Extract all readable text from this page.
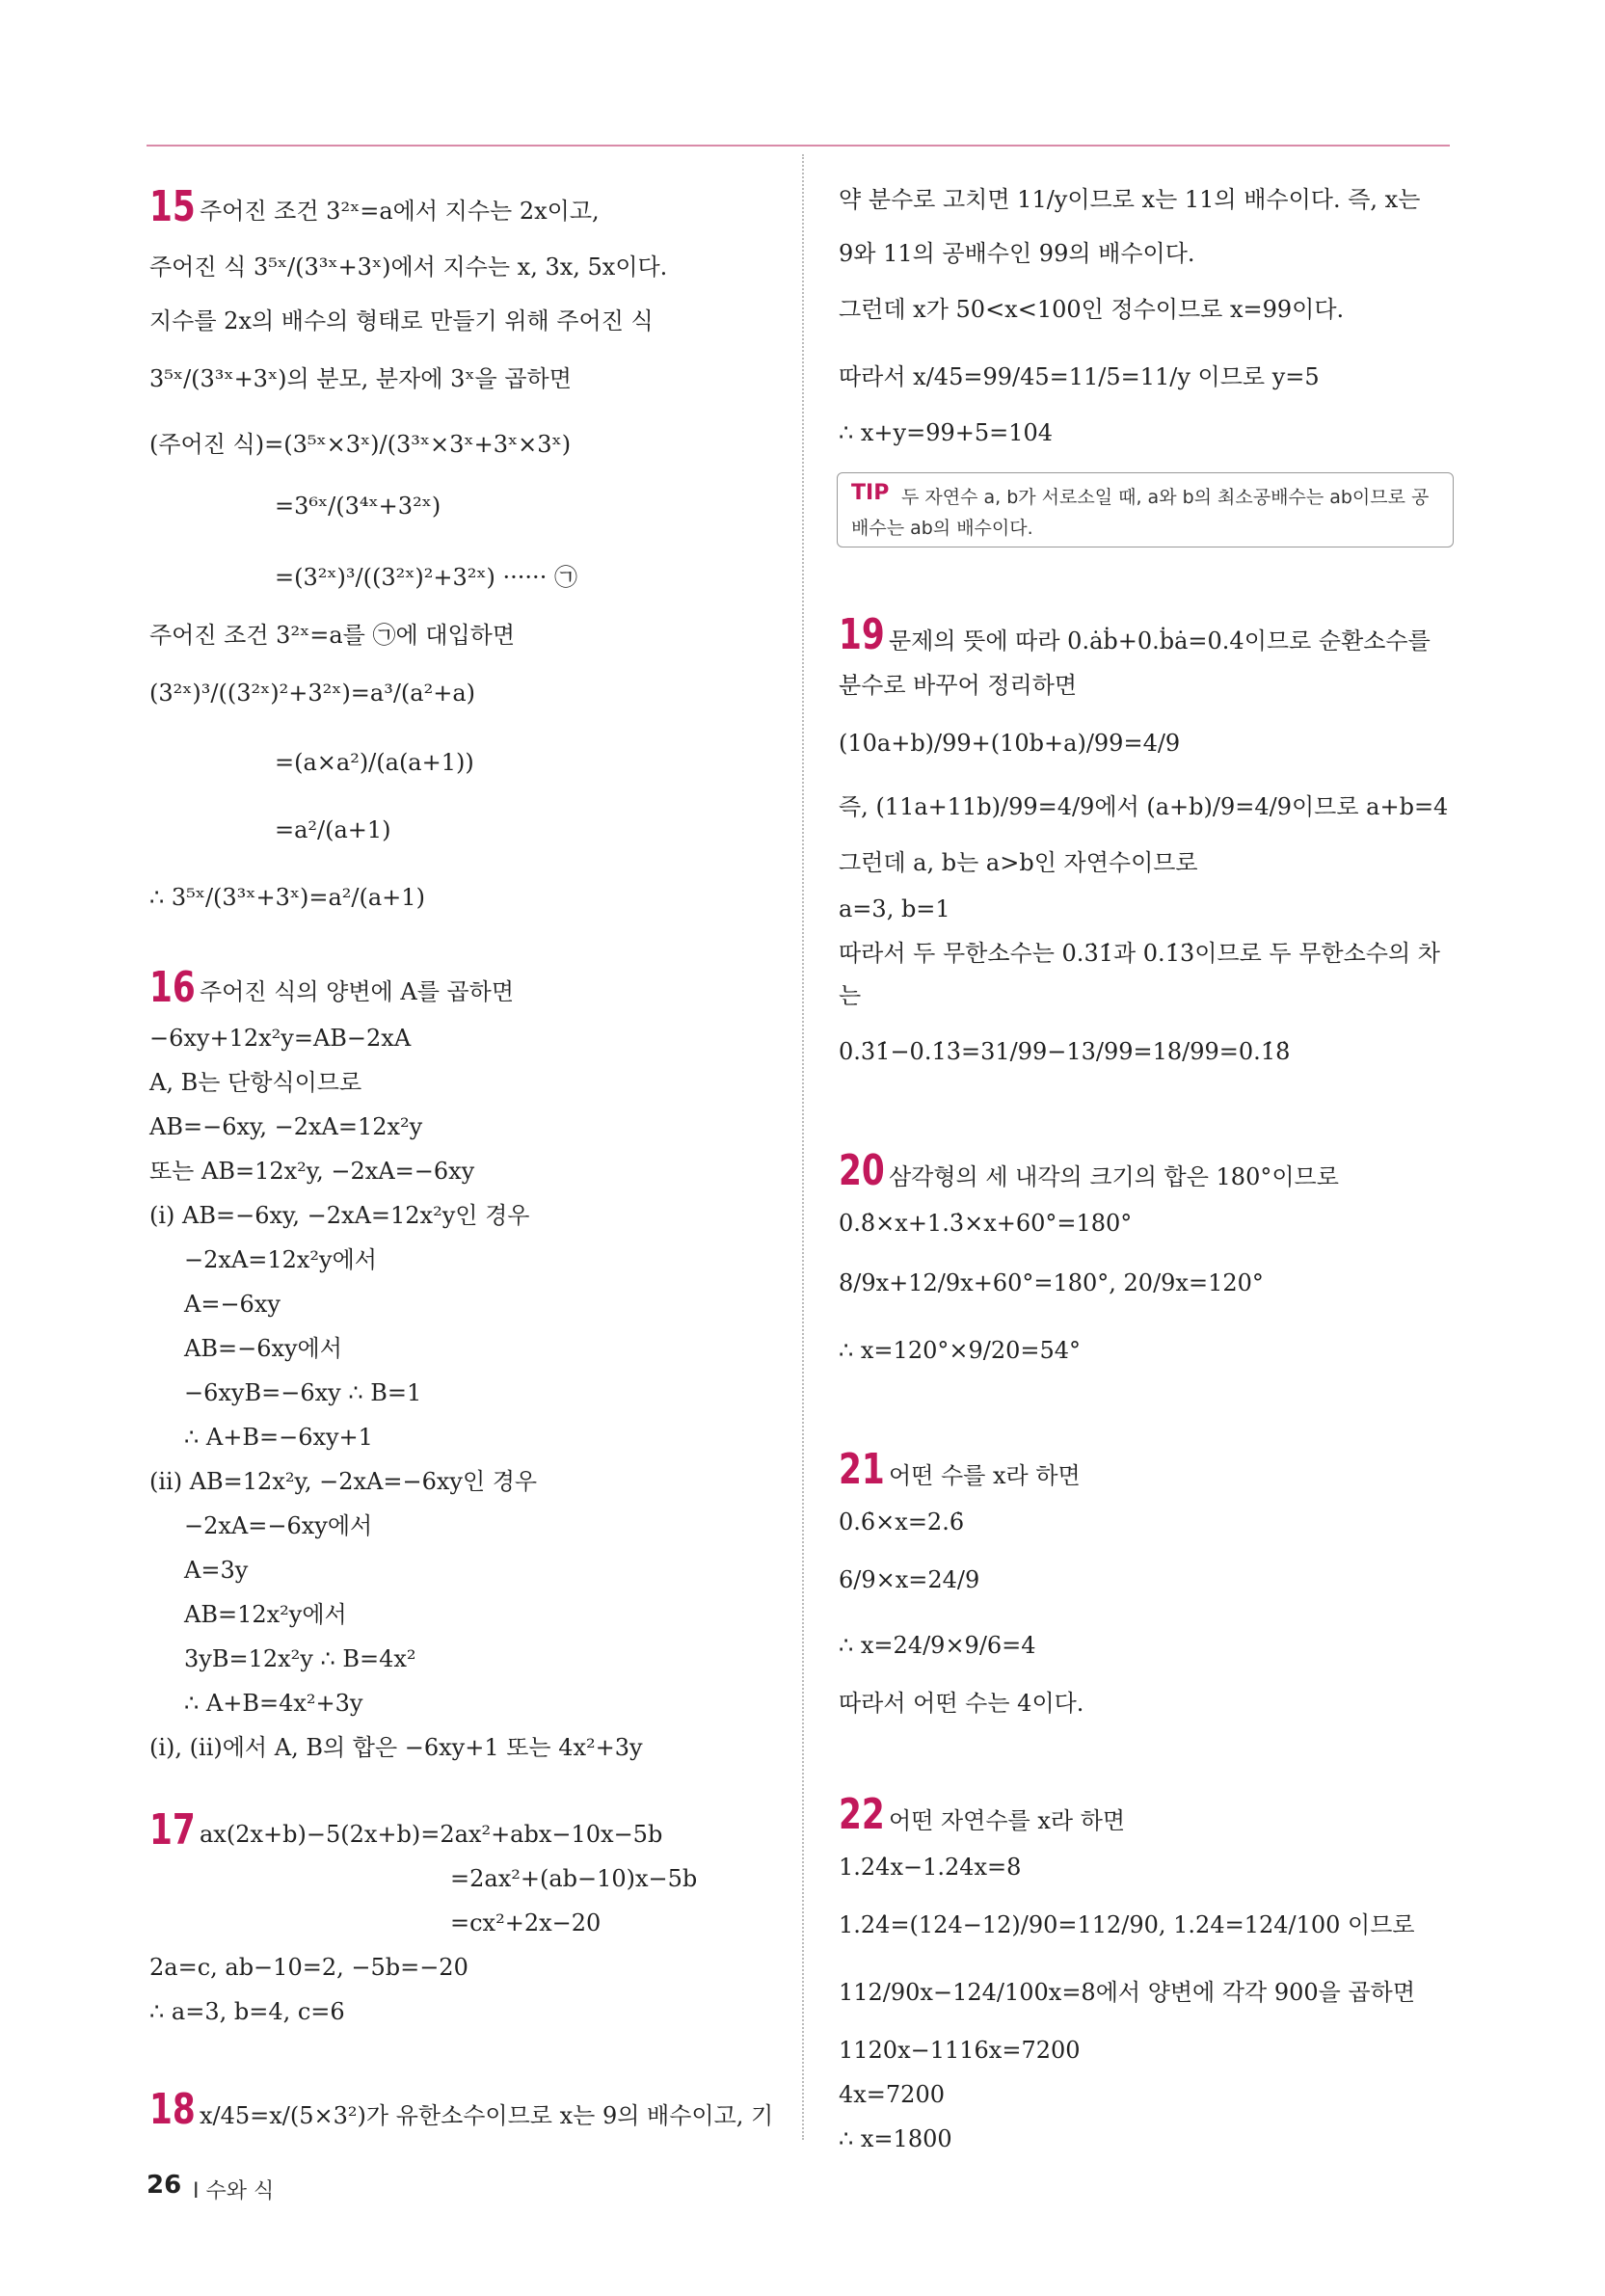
15 주어진 조건 3²ˣ=a에서 지수는 2x이고,
주어진 식 3⁵ˣ/(3³ˣ+3ˣ)에서 지수는 x, 3x, 5x이다.
지수를 2x의 배수의 형태로 만들기 위해 주어진 식
3⁵ˣ/(3³ˣ+3ˣ)의 분모, 분자에 3ˣ을 곱하면
(주어진 식)=(3⁵ˣ×3ˣ)/(3³ˣ×3ˣ+3ˣ×3ˣ)
=3⁶ˣ/(3⁴ˣ+3²ˣ)
=(3²ˣ)³/((3²ˣ)²+3²ˣ) ······ ㉠
주어진 조건 3²ˣ=a를 ㉠에 대입하면
(3²ˣ)³/((3²ˣ)²+3²ˣ)=a³/(a²+a)
=(a×a²)/(a(a+1))
=a²/(a+1)
∴ 3⁵ˣ/(3³ˣ+3ˣ)=a²/(a+1)
16 주어진 식의 양변에 A를 곱하면
−6xy+12x²y=AB−2xA
A, B는 단항식이므로
AB=−6xy, −2xA=12x²y
또는 AB=12x²y, −2xA=−6xy
(i) AB=−6xy, −2xA=12x²y인 경우
−2xA=12x²y에서
A=−6xy
AB=−6xy에서
−6xyB=−6xy ∴ B=1
∴ A+B=−6xy+1
(ii) AB=12x²y, −2xA=−6xy인 경우
−2xA=−6xy에서
A=3y
AB=12x²y에서
3yB=12x²y ∴ B=4x²
∴ A+B=4x²+3y
(i), (ii)에서 A, B의 합은 −6xy+1 또는 4x²+3y
17 ax(2x+b)−5(2x+b)=2ax²+abx−10x−5b
=2ax²+(ab−10)x−5b
=cx²+2x−20
2a=c, ab−10=2, −5b=−20
∴ a=3, b=4, c=6
18 x/45=x/(5×3²)가 유한소수이므로 x는 9의 배수이고, 기
약 분수로 고치면 11/y이므로 x는 11의 배수이다. 즉, x는
9와 11의 공배수인 99의 배수이다.
그런데 x가 50<x<100인 정수이므로 x=99이다.
따라서 x/45=99/45=11/5=11/y 이므로 y=5
∴ x+y=99+5=104
19 문제의 뜻에 따라 0.ȧḃ+0.ḃȧ=0.4̇이므로 순환소수를
분수로 바꾸어 정리하면
(10a+b)/99+(10b+a)/99=4/9
즉, (11a+11b)/99=4/9에서 (a+b)/9=4/9이므로 a+b=4
그런데 a, b는 a>b인 자연수이므로
a=3, b=1
따라서 두 무한소수는 0.3̇1̇과 0.1̇3̇이므로 두 무한소수의 차
는
0.3̇1̇−0.1̇3̇=31/99−13/99=18/99=0.1̇8̇
20 삼각형의 세 내각의 크기의 합은 180°이므로
0.8̇×x+1.3̇×x+60°=180°
8/9x+12/9x+60°=180°, 20/9x=120°
∴ x=120°×9/20=54°
21 어떤 수를 x라 하면
0.6̇×x=2.6̇
6/9×x=24/9
∴ x=24/9×9/6=4
따라서 어떤 수는 4이다.
22 어떤 자연수를 x라 하면
1.24̇x−1.24x=8
1.24̇=(124−12)/90=112/90, 1.24=124/100 이므로
112/90x−124/100x=8에서 양변에 각각 900을 곱하면
1120x−1116x=7200
4x=7200
∴ x=1800
TIP 두 자연수 a, b가 서로소일 때, a와 b의 최소공배수는 ab이므로 공
배수는 ab의 배수이다.
26 I 수와 식
